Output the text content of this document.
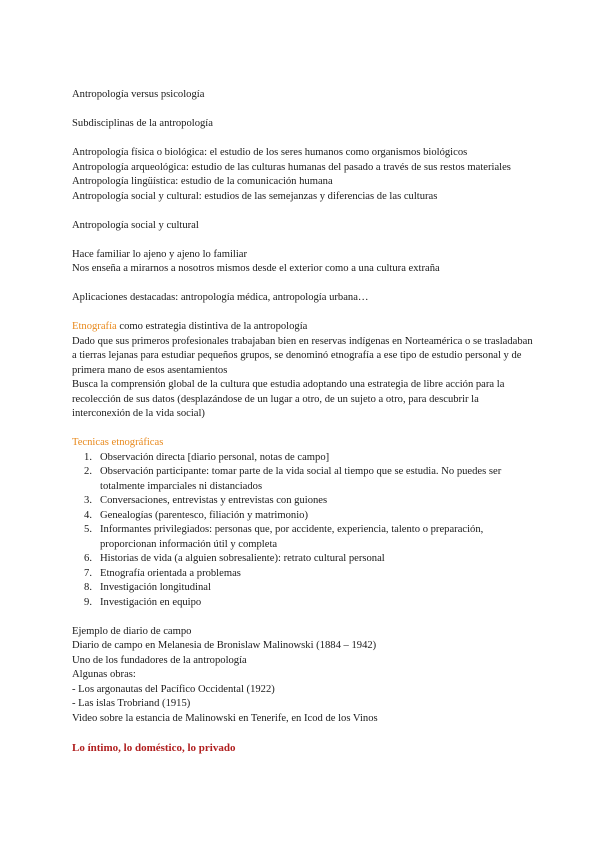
Antropología versus psicología

Subdisciplinas de la antropología

Antropología física o biológica: el estudio de los seres humanos como organismos biológicos

Antropología arqueológica: estudio de las culturas humanas del pasado a través de sus restos materiales

Antropología lingüística: estudio de la comunicación humana

Antropología social y cultural: estudios de las semejanzas y diferencias de las culturas

Antropología social y cultural

Hace familiar lo ajeno y ajeno lo familiar

Nos enseña a mirarnos a nosotros mismos desde el exterior como a una cultura extraña

Aplicaciones destacadas: antropología médica, antropología urbana…

Etnografía como estrategia distintiva de la antropología

Dado que sus primeros profesionales trabajaban bien en reservas indígenas en Norteamérica o se trasladaban a tierras lejanas para estudiar pequeños grupos, se denominó etnografía a ese tipo de estudio personal y de primera mano de esos asentamientos

Busca la comprensión global de la cultura que estudia adoptando una estrategia de libre acción para la recolección de sus datos (desplazándose de un lugar a otro, de un sujeto a otro, para descubrir la interconexión de la vida social)

Tecnicas etnográficas

1. Observación directa [diario personal, notas de campo]
2. Observación participante: tomar parte de la vida social al tiempo que se estudia. No puedes ser totalmente imparciales ni distanciados
3. Conversaciones, entrevistas y entrevistas con guiones
4. Genealogías (parentesco, filiación y matrimonio)
5. Informantes privilegiados: personas que, por accidente, experiencia, talento o preparación, proporcionan información útil y completa
6. Historias de vida (a alguien sobresaliente): retrato cultural personal
7. Etnografía orientada a problemas
8. Investigación longitudinal
9. Investigación en equipo

Ejemplo de diario de campo

Diario de campo en Melanesia de Bronislaw Malinowski (1884 – 1942)

Uno de los fundadores de la antropología

Algunas obras:

- Los argonautas del Pacífico Occidental (1922)

- Las islas Trobriand (1915)

Video sobre la estancia de Malinowski en Tenerife, en Icod de los Vinos

Lo íntimo, lo doméstico, lo privado
